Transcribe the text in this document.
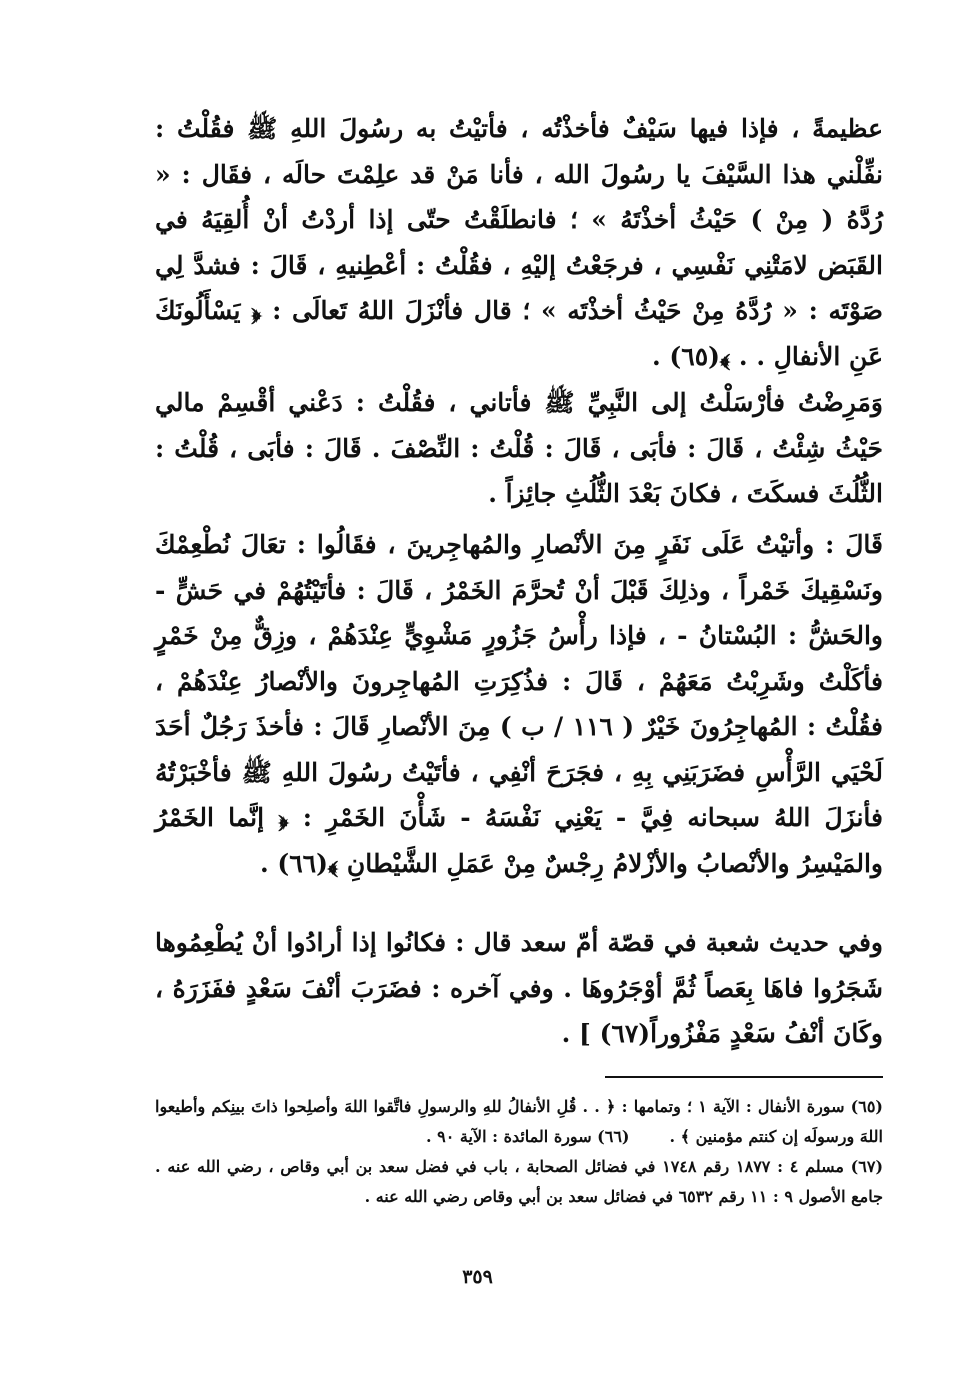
عظيمةً ، فإذا فيها سَيْفٌ فأخذْتُه ، فأتيْتُ به رسُولَ اللهِ ﷺ فقُلْتُ : نفِّلْني هذا السَّيْفَ يا رسُولَ الله ، فأنا مَنْ قد علِمْتَ حالَه ، فقَال : « رُدَّهُ ( مِنْ ) حَيْثُ أخذْتَهُ » ؛ فانطلَقْتُ حتّى إذا أردْتُ أنْ أُلقِيَهُ في القَبَض لامَتْنِي نَفْسِي ، فرجَعْتُ إليْهِ ، فقُلْتُ : أعْطِنيهِ ، قَالَ : فشدَّ لِي صَوْتَه : « رُدَّهُ مِنْ حَيْثُ أخذْتَه » ؛ قال فأنْزَلَ اللهُ تَعالَى : ﴿ يَسْأَلُونَكَ عَنِ الأنفالِ . . ﴾(٦٥) .

وَمَرِضْتُ فأرْسَلْتُ إلى النَّبِيِّ ﷺ فأتاني ، فقُلْتُ : دَعْني أقْسِمْ مالي حَيْثُ شِئْتُ ، قَالَ : فأبَى ، قَالَ : قُلْتُ : النِّصْفَ . قَالَ : فأبَى ، قُلْتُ : الثُّلُثَ فسكَتَ ، فكانَ بَعْدَ الثُّلُثِ جائِزاً .

قَالَ : وأتيْتُ عَلَى نَفَرٍ مِنَ الأنْصارِ والمُهاجِرينَ ، فقَالُوا : تعَالَ نُطْعِمْكَ ونَسْقِيكَ خَمْراً ، وذلِكَ قَبْلَ أنْ تُحرَّمَ الخَمْرُ ، قَالَ : فأتَيْتُهُمْ في حَشٍّ - والحَشُّ : البُسْتانُ - ، فإذا رأْسُ جَزُورٍ مَشْوِيٍّ عِنْدَهُمْ ، وزِقٌّ مِنْ خَمْرٍ فأكَلْتُ وشَرِبْتُ مَعَهُمْ ، قَالَ : فذُكِرَتِ المُهاجِرونَ والأنْصارُ عِنْدَهُمْ ، فقُلْتُ : المُهاجِرُونَ خَيْرٌ ( ١١٦ / ب ) مِنَ الأنْصارِ قَالَ : فأخذَ رَجُلٌ أحَدَ لَحْيَي الرَّأْسِ فضَرَبَنِي بِهِ ، فجَرَحَ أنْفِي ، فأتَيْتُ رسُولَ اللهِ ﷺ فأخْبَرْتُهُ فأنزَلَ اللهُ سبحانه فِيَّ - يَعْنِي نَفْسَهُ - شَأْنَ الخَمْرِ : ﴿ إنَّما الخَمْرُ والمَيْسِرُ والأنْصابُ والأزْلامُ رِجْسٌ مِنْ عَمَلِ الشَّيْطانِ ﴾(٦٦) .

وفي حديث شعبة في قصّة أمّ سعد قال : فكانُوا إذا أرادُوا أنْ يُطْعِمُوها شَجَرُوا فاهَا بِعَصاً ثُمَّ أوْجَرُوهَا . وفي آخره : فضَرَبَ أنْفَ سَعْدٍ ففَزَرَهُ ، وكَانَ أنْفُ سَعْدٍ مَفْزُوراً(٦٧) ] .

(٦٥) سورة الأنفال : الآية ١ ؛ وتمامها : ﴿ . . قُلِ الأنفالُ للهِ والرسولِ فاتَّقوا اللهَ وأصلِحوا ذاتَ بينِكم وأطيعوا اللهَ ورسولَه إن كنتم مؤمنين ﴾ .(٦٦) سورة المائدة : الآية ٩٠ .

(٦٧) مسلم ٤ : ١٨٧٧ رقم ١٧٤٨ في فضائل الصحابة ، باب في فضل سعد بن أبي وقاص ، رضي الله عنه . جامع الأصول ٩ : ١١ رقم ٦٥٣٢ في فضائل سعد بن أبي وقاص رضي الله عنه .

٣٥٩
